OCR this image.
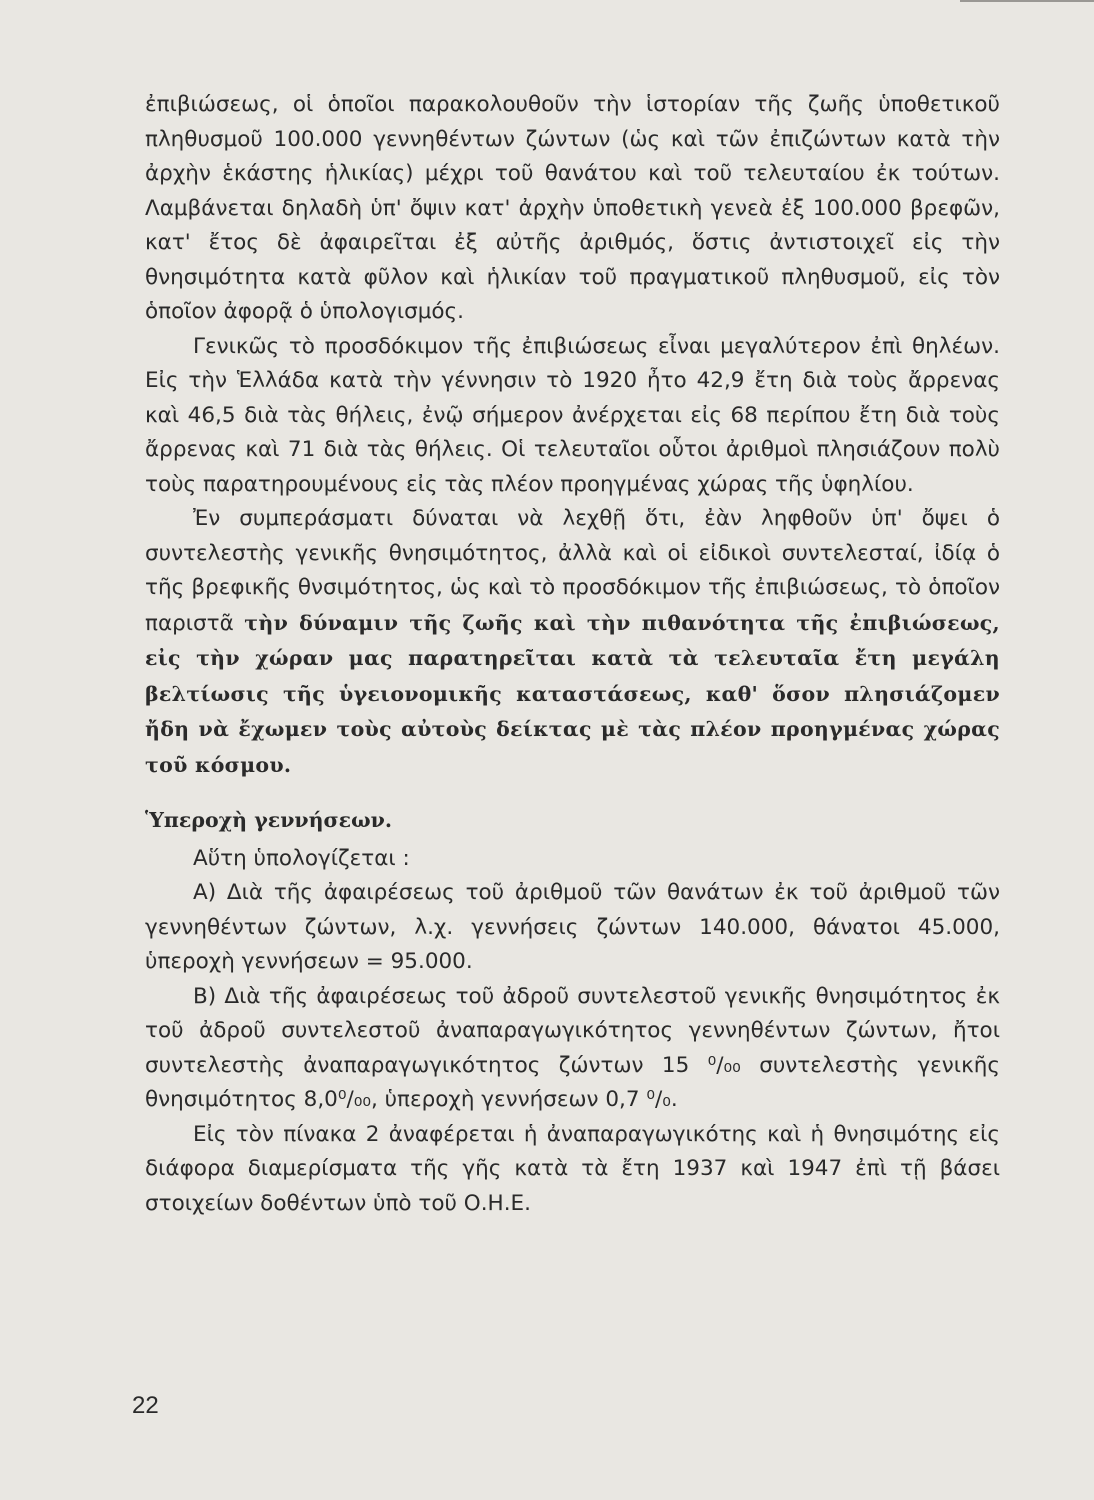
ἐπιβιώσεως, οἱ ὁποῖοι παρακολουθοῦν τὴν ἱστορίαν τῆς ζωῆς ὑποθετικοῦ πληθυσμοῦ 100.000 γεννηθέντων ζώντων (ὡς καὶ τῶν ἐπιζώντων κατὰ τὴν ἀρχὴν ἑκάστης ἡλικίας) μέχρι τοῦ θανάτου καὶ τοῦ τελευταίου ἐκ τούτων. Λαμβάνεται δηλαδὴ ὑπ' ὄψιν κατ' ἀρχὴν ὑποθετικὴ γενεὰ ἐξ 100.000 βρεφῶν, κατ' ἔτος δὲ ἀφαιρεῖται ἐξ αὐτῆς ἀριθμός, ὅστις ἀντιστοιχεῖ εἰς τὴν θνησιμότητα κατὰ φῦλον καὶ ἡλικίαν τοῦ πραγματικοῦ πληθυσμοῦ, εἰς τὸν ὁποῖον ἀφορᾷ ὁ ὑπολογισμός.

Γενικῶς τὸ προσδόκιμον τῆς ἐπιβιώσεως εἶναι μεγαλύτερον ἐπὶ θηλέων. Εἰς τὴν Ἑλλάδα κατὰ τὴν γέννησιν τὸ 1920 ἦτο 42,9 ἔτη διὰ τοὺς ἄρρενας καὶ 46,5 διὰ τὰς θήλεις, ἐνῷ σήμερον ἀνέρχεται εἰς 68 περίπου ἔτη διὰ τοὺς ἄρρενας καὶ 71 διὰ τὰς θήλεις. Οἱ τελευταῖοι οὗτοι ἀριθμοὶ πλησιάζουν πολὺ τοὺς παρατηρουμένους εἰς τὰς πλέον προηγμένας χώρας τῆς ὑφηλίου.

Ἐν συμπεράσματι δύναται νὰ λεχθῇ ὅτι, ἐὰν ληφθοῦν ὑπ' ὄψει ὁ συντελεστὴς γενικῆς θνησιμότητος, ἀλλὰ καὶ οἱ εἰδικοὶ συντελεσταί, ἰδίᾳ ὁ τῆς βρεφικῆς θνσιμότητος, ὡς καὶ τὸ προσδόκιμον τῆς ἐπιβιώσεως, τὸ ὁποῖον παριστᾶ τὴν δύναμιν τῆς ζωῆς καὶ τὴν πιθανότητα τῆς ἐπιβιώσεως, εἰς τὴν χώραν μας παρατηρεῖται κατὰ τὰ τελευταῖα ἔτη μεγάλη βελτίωσις τῆς ὑγειονομικῆς καταστάσεως, καθ' ὅσον πλησιάζομεν ἤδη νὰ ἔχωμεν τοὺς αὐτοὺς δείκτας μὲ τὰς πλέον προηγμένας χώρας τοῦ κόσμου.

Ὑπεροχὴ γεννήσεων.

Αὕτη ὑπολογίζεται :

Α) Διὰ τῆς ἀφαιρέσεως τοῦ ἀριθμοῦ τῶν θανάτων ἐκ τοῦ ἀριθμοῦ τῶν γεννηθέντων ζώντων, λ.χ. γεννήσεις ζώντων 140.000, θάνατοι 45.000, ὑπεροχὴ γεννήσεων = 95.000.

Β) Διὰ τῆς ἀφαιρέσεως τοῦ ἀδροῦ συντελεστοῦ γενικῆς θνησιμότητος ἐκ τοῦ ἀδροῦ συντελεστοῦ ἀναπαραγωγικότητος γεννηθέντων ζώντων, ἤτοι συντελεστὴς ἀναπαραγωγικότητος ζώντων 15 ⁰/₀₀ συντελεστὴς γενικῆς θνησιμότητος 8,0⁰/₀₀, ὑπεροχὴ γεννήσεων 0,7 ⁰/₀.

Εἰς τὸν πίνακα 2 ἀναφέρεται ἡ ἀναπαραγωγικότης καὶ ἡ θνησιμότης εἰς διάφορα διαμερίσματα τῆς γῆς κατὰ τὰ ἔτη 1937 καὶ 1947 ἐπὶ τῇ βάσει στοιχείων δοθέντων ὑπὸ τοῦ Ο.Η.Ε.

22
